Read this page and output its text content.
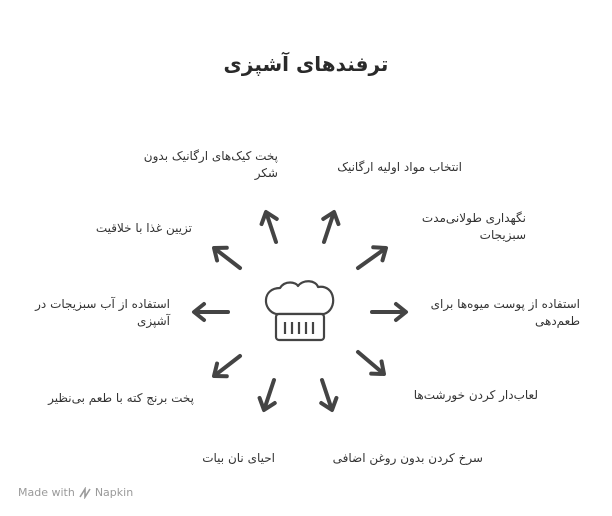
ترفندهای آشپزی
انتخاب مواد اولیه ارگانیک
نگهداری طولانی‌مدت سبزیجات
استفاده از پوست میوه‌ها برای طعم‌دهی
لعاب‌دار کردن خورشت‌ها
سرخ کردن بدون روغن اضافی
احیای نان بیات
پخت برنج کته با طعم بی‌نظیر
استفاده از آب سبزیجات در آشپزی
تزیین غذا با خلاقیت
پخت کیک‌های ارگانیک بدون شکر
Made with Napkin
